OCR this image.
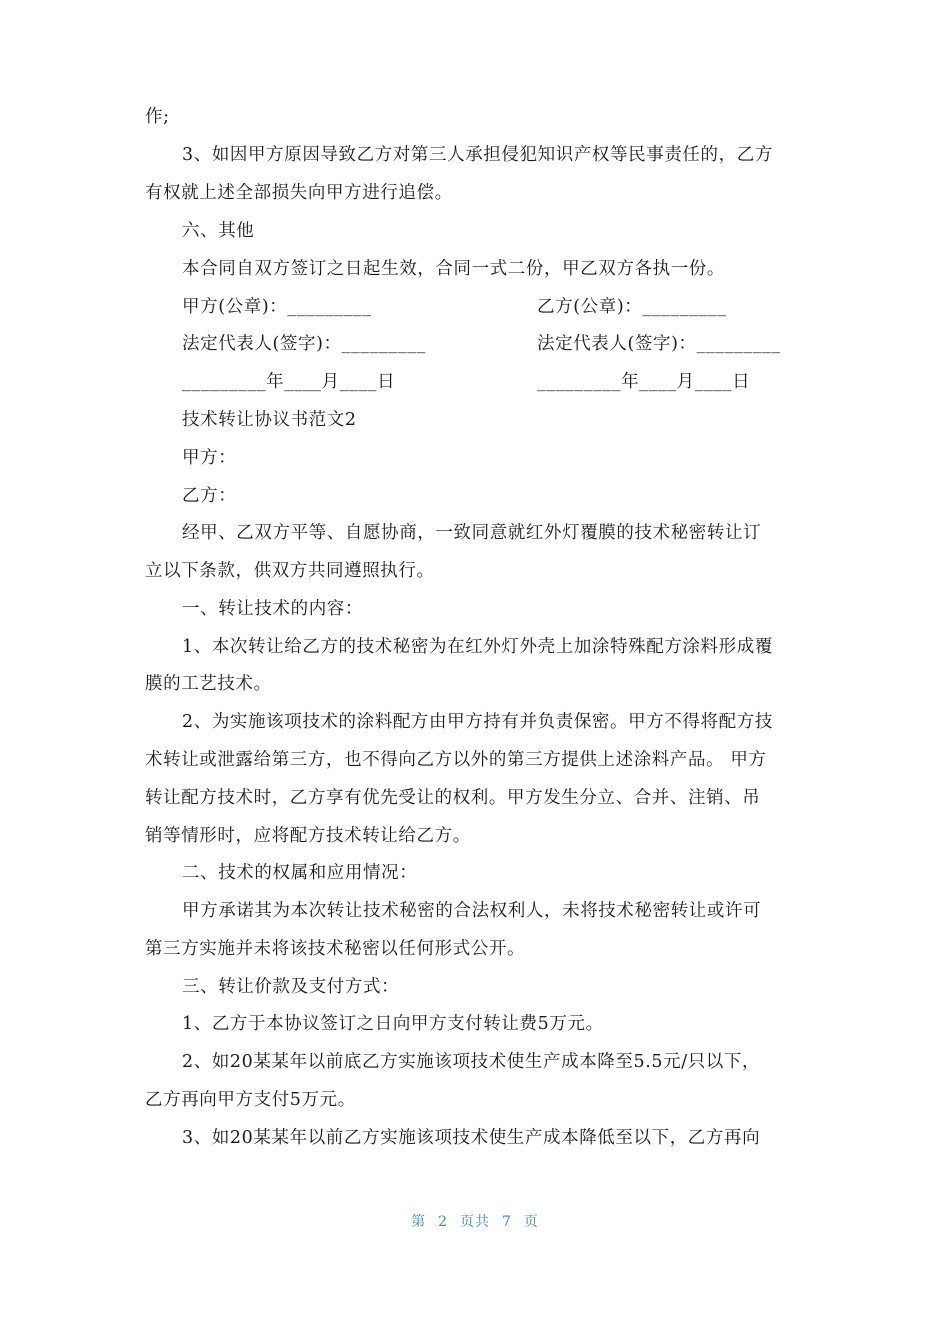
作;
3、如因甲方原因导致乙方对第三人承担侵犯知识产权等民事责任的，乙方
有权就上述全部损失向甲方进行追偿。
六、其他
本合同自双方签订之日起生效，合同一式二份，甲乙双方各执一份。
甲方(公章)：_________	乙方(公章)：_________
法定代表人(签字)：_________	法定代表人(签字)：_________
_________年____月____日	_________年____月____日
技术转让协议书范文2
甲方：
乙方：
经甲、乙双方平等、自愿协商，一致同意就红外灯覆膜的技术秘密转让订
立以下条款，供双方共同遵照执行。
一、转让技术的内容：
1、本次转让给乙方的技术秘密为在红外灯外壳上加涂特殊配方涂料形成覆
膜的工艺技术。
2、为实施该项技术的涂料配方由甲方持有并负责保密。甲方不得将配方技
术转让或泄露给第三方，也不得向乙方以外的第三方提供上述涂料产品。 甲方
转让配方技术时，乙方享有优先受让的权利。甲方发生分立、合并、注销、吊
销等情形时，应将配方技术转让给乙方。
二、技术的权属和应用情况：
甲方承诺其为本次转让技术秘密的合法权利人，未将技术秘密转让或许可
第三方实施并未将该技术秘密以任何形式公开。
三、转让价款及支付方式：
1、乙方于本协议签订之日向甲方支付转让费5万元。
2、如20某某年以前底乙方实施该项技术使生产成本降至5.5元/只以下，
乙方再向甲方支付5万元。
3、如20某某年以前乙方实施该项技术使生产成本降低至以下，乙方再向
第 2 页共 7 页
